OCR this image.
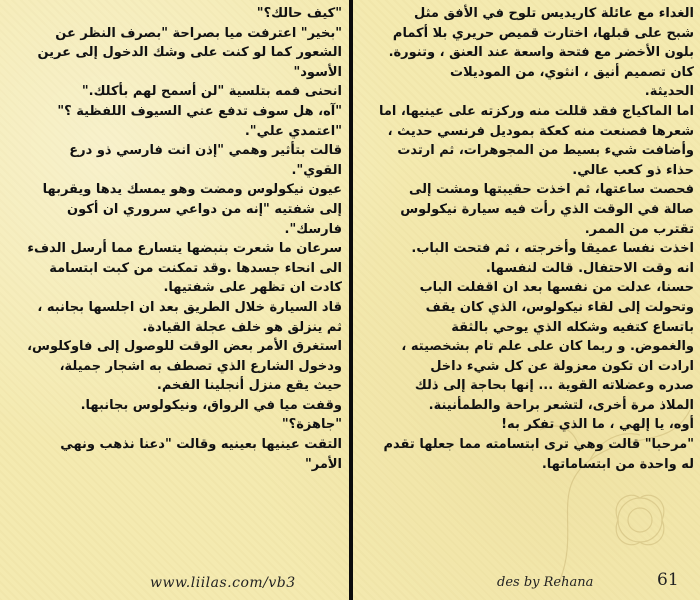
الغداء مع عائلة كاريديس تلوح في الأفق مثل

شبح على قبلها، اختارت قميص حريري بلا أكمام

بلون الأخضر مع فتحة واسعة عند العنق ، وتنورة.

كان تصميم أنيق ، انثوي، من الموديلات

الحديثة.

اما الماكياج فقد قللت منه وركزته على عينيها، اما

شعرها فصنعت منه كعكة بموديل فرنسي حديث ،

وأضافت شيء بسيط من المجوهرات، ثم ارتدت

حذاء ذو كعب عالي.

فحصت ساعتها، ثم اخذت حقيبتها ومشت إلى

صالة في الوقت الذي رأت فيه سيارة نيكولوس

تقترب من الممر.

اخذت نفسا عميقا وأخرجته ، ثم فتحت الباب.

انه وقت الاحتفال. قالت لنفسها.

حسنا، عدلت من نفسها بعد ان اقفلت الباب

وتحولت إلى لقاء نيكولوس، الذي كان يقف

باتساع كتفيه وشكله الذي يوحي بالثقة

والغموض. و ربما كان على علم تام بشخصيته ،

ارادت ان تكون معزولة عن كل شيء داخل

صدره وعضلاته القوية ... إنها بحاجة إلى ذلك

الملاذ مرة أخرى، لتشعر براحة والطمأنينة.

أوه، يا إلهي ، ما الذي تفكر به!

"مرحبا" قالت وهي ترى ابتسامته مما جعلها تقدم

له واحدة من ابتساماتها.

"كيف حالك؟"

"بخير" اعترفت ميا بصراحة "بصرف النظر عن

الشعور كما لو كنت على وشك الدخول إلى عرين

الأسود"

انحنى فمه بتلسية "لن أسمح لهم بأكلك."

"آه، هل سوف تدفع عني السيوف اللفظية ؟"

"اعتمدي علي".

قالت بتأثير وهمي "إذن انت فارسي ذو درع

القوي".

عيون نيكولوس ومضت وهو يمسك يدها ويقربها

إلى شفتيه "إنه من دواعي سروري ان أكون

فارسك".

سرعان ما شعرت بنبضها يتسارع مما أرسل الدفء

الى انحاء جسدها .وقد تمكنت من كبت ابتسامة

كادت ان تظهر على شفتيها.

قاد السيارة خلال الطريق بعد ان اجلسها بجانبه ،

ثم ينزلق هو خلف عجلة القيادة.

استغرق الأمر بعض الوقت للوصول إلى فاوكلوس،

ودخول الشارع الذي تصطف به اشجار جميلة،

حيث يقع منزل أنجلينا الفخم.

وقفت ميا في الرواق، ونيكولوس بجانبها.

"جاهزة؟"

التقت عينيها بعينيه وقالت "دعنا نذهب ونهي

الأمر"

www.liilas.com/vb3	des by Rehana	61
